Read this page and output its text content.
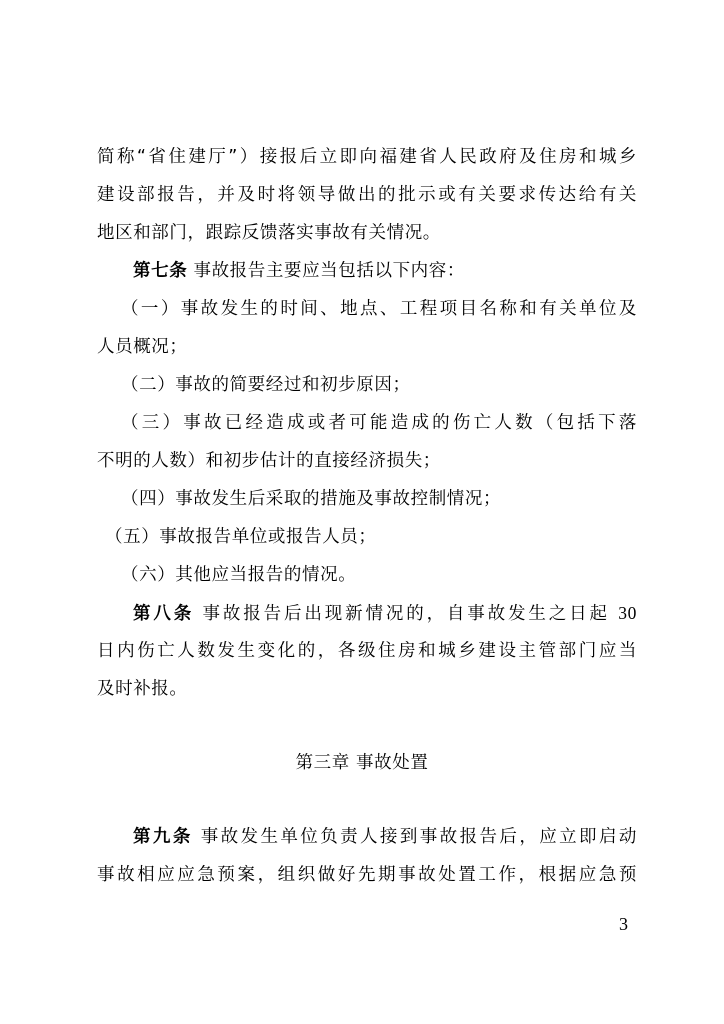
简称“省住建厅”）接报后立即向福建省人民政府及住房和城乡
建设部报告，并及时将领导做出的批示或有关要求传达给有关
地区和部门，跟踪反馈落实事故有关情况。
第七条 事故报告主要应当包括以下内容：
（一）事故发生的时间、地点、工程项目名称和有关单位及
人员概况；
（二）事故的简要经过和初步原因；
（三）事故已经造成或者可能造成的伤亡人数（包括下落
不明的人数）和初步估计的直接经济损失；
（四）事故发生后采取的措施及事故控制情况；
（五）事故报告单位或报告人员；
（六）其他应当报告的情况。
第八条 事故报告后出现新情况的，自事故发生之日起 30
日内伤亡人数发生变化的，各级住房和城乡建设主管部门应当
及时补报。
第三章 事故处置
第九条 事故发生单位负责人接到事故报告后，应立即启动
事故相应应急预案，组织做好先期事故处置工作，根据应急预
3
